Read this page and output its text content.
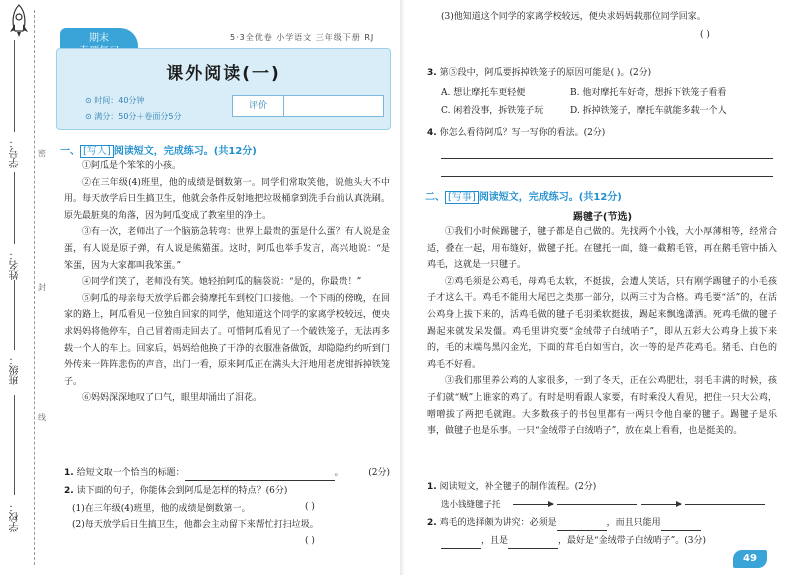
学号：
姓名：
班级：
学校：
密
封
线
期末	5·3全优卷 小学语文 三年级下册 RJ
课外阅读(一)
⊙ 时间：40分钟
⊙ 满分：50分＋卷面分5分
评价
一、 [写人] 阅读短文，完成练习。(共12分)

①阿瓜是个笨笨的小孩。

②在三年级(4)班里，他的成绩是倒数第一。同学们常取笑他，说他头大不中用。每天放学后日生搞卫生，他就会条件反射地把垃圾桶拿到洗手台前认真洗刷。原先最脏臭的角落，因为阿瓜变成了教室里的净土。

③有一次，老师出了一个脑筋急转弯：世界上最贵的蛋是什么蛋？有人说是金蛋，有人说是原子弹，有人说是熊猫蛋。这时，阿瓜也举手发言，高兴地说：“是笨蛋，因为大家都叫我笨蛋。”

④同学们笑了，老师没有笑。她轻拍阿瓜的脑袋说：“是的，你最贵！”

⑤阿瓜的母亲每天放学后都会骑摩托车到校门口接他。一个下雨的傍晚，在回家的路上，阿瓜看见一位独自回家的同学，他知道这个同学的家离学校较远，便央求妈妈将他停车，自己冒着雨走回去了。可惜阿瓜看见了一个破铁笼子，无法再多载一个人的车上。回家后，妈妈给他换了干净的衣服准备做饭，却隐隐约约听到门外传来一阵阵悲伤的声音，出门一看，原来阿瓜正在满头大汗地用老虎钳拆掉铁笼子。

⑥妈妈深深地叹了口气，眼里却涌出了泪花。

1. 给短文取一个恰当的标题：	。	(2分)
2. 读下面的句子，你能体会到阿瓜是怎样的特点？(6分)
(1)在三年级(4)班里，他的成绩是倒数第一。	( )
(2)每天放学后日生搞卫生，他都会主动留下来帮忙打扫垃圾。
( )
(3)他知道这个同学的家离学校较远，便央求妈妈载那位同学回家。
( )
3. 第⑤段中，阿瓜要拆掉铁笼子的原因可能是( )。(2分)
A. 想让摩托车更轻便	B. 他对摩托车好奇，想拆下铁笼子看看
C. 闲着没事，拆铁笼子玩	D. 拆掉铁笼子，摩托车就能多载一个人
4. 你怎么看待阿瓜？写一写你的看法。(2分)
二、 [写事] 阅读短文，完成练习。(共12分)
踢毽子(节选)

①我们小时候踢毽子，毽子都是自己做的。先找两个小钱，大小厚薄相等，经常合适，叠在一起，用布缝好，做毽子托。在毽托一面，缝一截鹅毛管，再在鹅毛管中插入鸡毛，这就是一只毽子。

②鸡毛须是公鸡毛，母鸡毛太软，不挺拔，会遭人笑话，只有刚学踢毽子的小毛孩子才这么干。鸡毛不能用大尾巴之类那一部分，以两三寸为合格。鸡毛要“活”的，在活公鸡身上拔下来的，活鸡毛做的毽子毛羽柔软挺拔，踢起来飘逸潇洒。死鸡毛做的毽子踢起来就发呆发僵。鸡毛里讲究要“金绒带子白绒哨子”，即从五彩大公鸡身上拔下来的，毛的末端鸟黑闪金光，下面的茸毛白如雪白，次一等的是芦花鸡毛。猪毛、白色的鸡毛不好看。

③我们那里养公鸡的人家很多，一到了冬天，正在公鸡肥壮，羽毛丰满的时候，孩子们就“贼”上谁家的鸡了。有时是明看跟人家要，有时乘没人看见，把住一只大公鸡，噌噌拔了两把毛就跑。大多数孩子的书包里都有一两只令他自豪的毽子。踢毽子是乐事，做毽子也是乐事。一只“金绒带子白绒哨子”，放在桌上看看，也是挺美的。

1. 阅读短文，补全毽子的制作流程。(2分)
选小钱缝毽子托
2. 鸡毛的选择颇为讲究：必须是	，而且只能用
，且是	，最好是“金绒带子白绒哨子”。(3分)
49
